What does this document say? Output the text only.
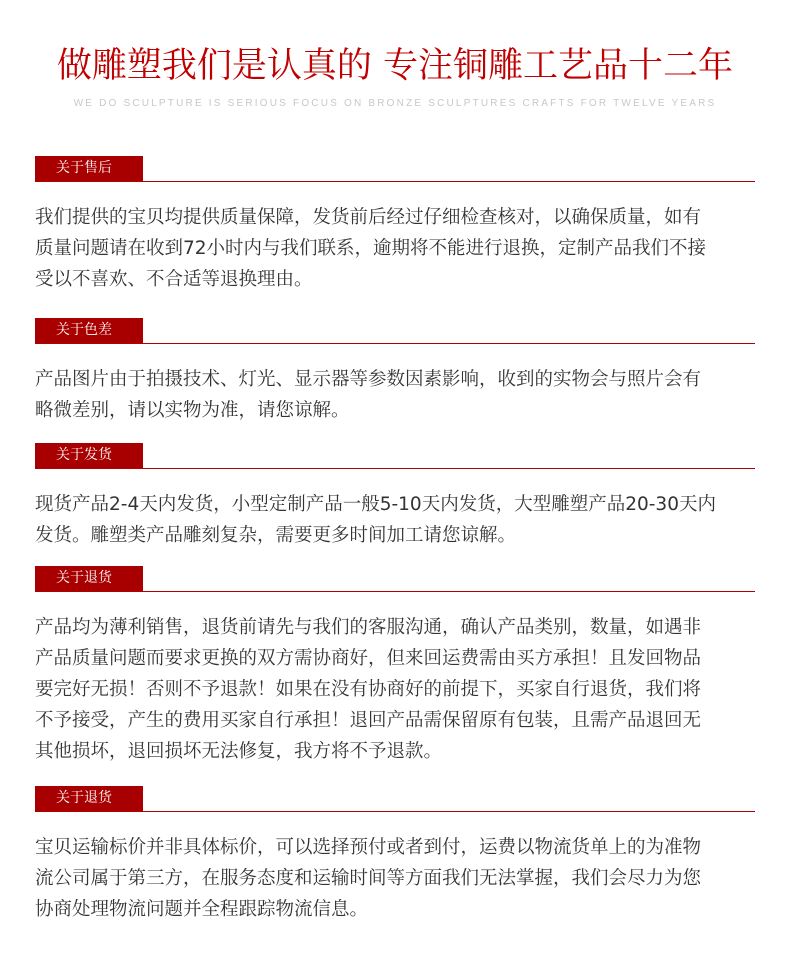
做雕塑我们是认真的 专注铜雕工艺品十二年
WE DO SCULPTURE IS SERIOUS FOCUS ON BRONZE SCULPTURES CRAFTS FOR TWELVE YEARS
关于售后
我们提供的宝贝均提供质量保障，发货前后经过仔细检查核对，以确保质量，如有
质量问题请在收到72小时内与我们联系，逾期将不能进行退换，定制产品我们不接
受以不喜欢、不合适等退换理由。
关于色差
产品图片由于拍摄技术、灯光、显示器等参数因素影响，收到的实物会与照片会有
略微差别，请以实物为准，请您谅解。
关于发货
现货产品2-4天内发货，小型定制产品一般5-10天内发货，大型雕塑产品20-30天内
发货。雕塑类产品雕刻复杂，需要更多时间加工请您谅解。
关于退货
产品均为薄利销售，退货前请先与我们的客服沟通，确认产品类别，数量，如遇非
产品质量问题而要求更换的双方需协商好，但来回运费需由买方承担！且发回物品
要完好无损！否则不予退款！如果在没有协商好的前提下，买家自行退货，我们将
不予接受，产生的费用买家自行承担！退回产品需保留原有包装，且需产品退回无
其他损坏，退回损坏无法修复，我方将不予退款。
关于退货
宝贝运输标价并非具体标价，可以选择预付或者到付，运费以物流货单上的为准物
流公司属于第三方，在服务态度和运输时间等方面我们无法掌握，我们会尽力为您
协商处理物流问题并全程跟踪物流信息。
